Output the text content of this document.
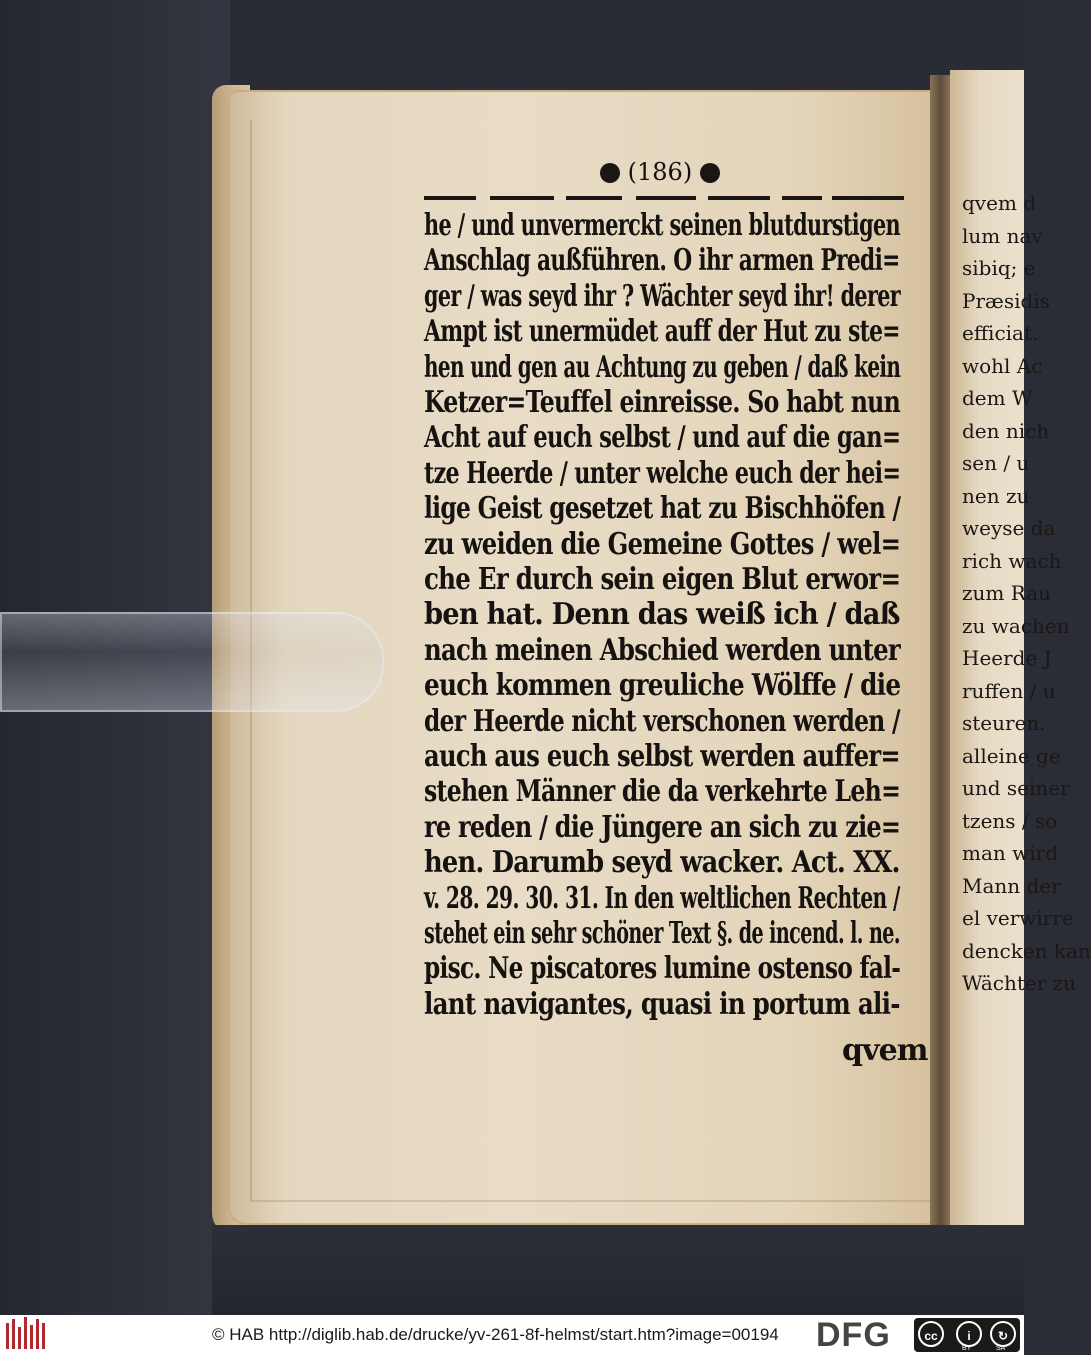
(186)
he / und unvermerckt seinen blutdurstigen
Anschlag außführen. O ihr armen Predi=
ger / was seyd ihr ? Wächter seyd ihr! derer
Ampt ist unermüdet auff der Hut zu ste=
hen und gen au Achtung zu geben / daß kein
Ketzer=Teuffel einreisse. So habt nun
Acht auf euch selbst / und auf die gan=
tze Heerde / unter welche euch der hei=
lige Geist gesetzet hat zu Bischhöfen /
zu weiden die Gemeine Gottes / wel=
che Er durch sein eigen Blut erwor=
ben hat. Denn das weiß ich / daß
nach meinen Abschied werden unter
euch kommen greuliche Wölffe / die
der Heerde nicht verschonen werden /
auch aus euch selbst werden auffer=
stehen Männer die da verkehrte Leh=
re reden / die Jüngere an sich zu zie=
hen. Darumb seyd wacker. Act. XX.
v. 28. 29. 30. 31. In den weltlichen Rechten /
stehet ein sehr schöner Text §. de incend. l. ne.
pisc. Ne piscatores lumine ostenso fal-
lant navigantes, quasi in portum ali-
qvem
qvem d
lum nav
sibiq; e
Præsidis
efficiat.
wohl Ac
dem W
den nich
sen / u
nen zu
weyse da
rich wach
zum Rau
zu wachen
Heerde J
ruffen / u
steuren.
alleine ge
und seiner
tzens / so
man wird
Mann der
el verwirre
dencken kan
Wächter zu
© HAB http://diglib.hab.de/drucke/yv-261-8f-helmst/start.htm?image=00194 DFG	cc	i	↻
BY	SA
